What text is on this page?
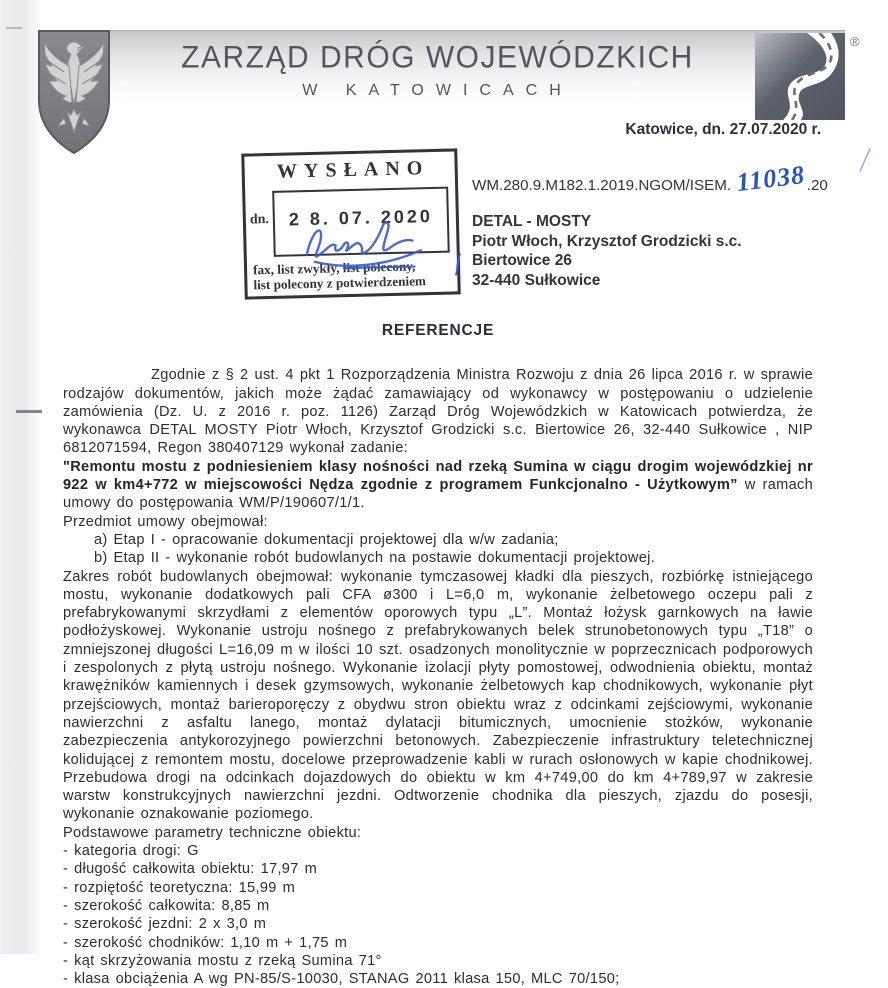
ZARZĄD DRÓG WOJEWÓDZKICH
W KATOWICACH
®
Katowice, dn. 27.07.2020 r.
WYSŁANO
dn.	2 8. 07. 2020
fax, list zwykły, list polecony,
list polecony z potwierdzeniem
WM.280.9.M182.1.2019.NGOM/ISEM. 11038.20
DETAL - MOSTY
Piotr Włoch, Krzysztof Grodzicki s.c.
Biertowice 26
32-440 Sułkowice
REFERENCJE

Zgodnie z § 2 ust. 4 pkt 1 Rozporządzenia Ministra Rozwoju z dnia 26 lipca 2016 r. w sprawie rodzajów dokumentów, jakich może żądać zamawiający od wykonawcy w postępowaniu o udzielenie zamówienia (Dz. U. z 2016 r. poz. 1126) Zarząd Dróg Wojewódzkich w Katowicach potwierdza, że wykonawca DETAL MOSTY Piotr Włoch, Krzysztof Grodzicki s.c. Biertowice 26, 32-440 Sułkowice , NIP 6812071594, Regon 380407129 wykonał zadanie:

"Remontu mostu z podniesieniem klasy nośności nad rzeką Sumina w ciągu drogim wojewódzkiej nr 922 w km4+772 w miejscowości Nędza zgodnie z programem Funkcjonalno - Użytkowym” w ramach umowy do postępowania WM/P/190607/1/1.

Przedmiot umowy obejmował:

a) Etap I - opracowanie dokumentacji projektowej dla w/w zadania;

b) Etap II - wykonanie robót budowlanych na postawie dokumentacji projektowej.

Zakres robót budowlanych obejmował: wykonanie tymczasowej kładki dla pieszych, rozbiórkę istniejącego mostu, wykonanie dodatkowych pali CFA ø300 i L=6,0 m, wykonanie żelbetowego oczepu pali z prefabrykowanymi skrzydłami z elementów oporowych typu „L”. Montaż łożysk garnkowych na ławie podłożyskowej. Wykonanie ustroju nośnego z prefabrykowanych belek strunobetonowych typu „T18” o zmniejszonej długości L=16,09 m w ilości 10 szt. osadzonych monolitycznie w poprzecznicach podporowych i zespolonych z płytą ustroju nośnego. Wykonanie izolacji płyty pomostowej, odwodnienia obiektu, montaż krawężników kamiennych i desek gzymsowych, wykonanie żelbetowych kap chodnikowych, wykonanie płyt przejściowych, montaż barieroporęczy z obydwu stron obiektu wraz z odcinkami zejściowymi, wykonanie nawierzchni z asfaltu lanego, montaż dylatacji bitumicznych, umocnienie stożków, wykonanie zabezpieczenia antykorozyjnego powierzchni betonowych. Zabezpieczenie infrastruktury teletechnicznej kolidującej z remontem mostu, docelowe przeprowadzenie kabli w rurach osłonowych w kapie chodnikowej. Przebudowa drogi na odcinkach dojazdowych do obiektu w km 4+749,00 do km 4+789,97 w zakresie warstw konstrukcyjnych nawierzchni jezdni. Odtworzenie chodnika dla pieszych, zjazdu do posesji, wykonanie oznakowanie poziomego.

Podstawowe parametry techniczne obiektu:

- kategoria drogi: G

- długość całkowita obiektu: 17,97 m

- rozpiętość teoretyczna: 15,99 m

- szerokość całkowita: 8,85 m

- szerokość jezdni: 2 x 3,0 m

- szerokość chodników: 1,10 m + 1,75 m

- kąt skrzyżowania mostu z rzeką Sumina 71°

- klasa obciążenia A wg PN-85/S-10030, STANAG 2011 klasa 150, MLC 70/150;
